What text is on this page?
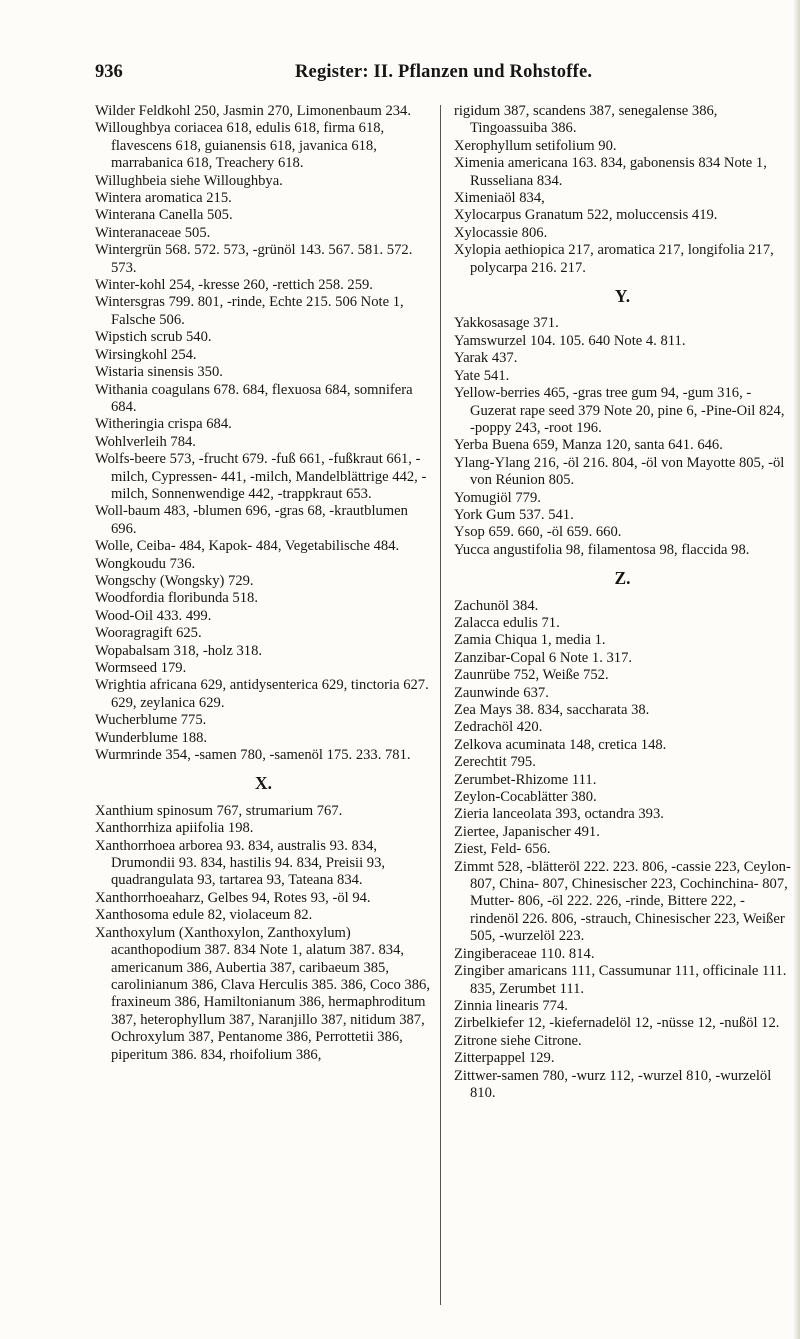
936	Register: II. Pflanzen und Rohstoffe.
Wilder Feldkohl 250, Jasmin 270, Limonenbaum 234.
Willoughbya coriacea 618, edulis 618, firma 618, flavescens 618, guianensis 618, javanica 618, marrabanica 618, Treachery 618.
Willughbeia siehe Willoughbya.
Wintera aromatica 215.
Winterana Canella 505.
Winteranaceae 505.
Wintergrün 568. 572. 573, -grünöl 143. 567. 581. 572. 573.
Winter-kohl 254, -kresse 260, -rettich 258. 259.
Wintersgras 799. 801, -rinde, Echte 215. 506 Note 1, Falsche 506.
Wipstich scrub 540.
Wirsingkohl 254.
Wistaria sinensis 350.
Withania coagulans 678. 684, flexuosa 684, somnifera 684.
Witheringia crispa 684.
Wohlverleih 784.
Wolfs-beere 573, -frucht 679. -fuß 661, -fußkraut 661, -milch, Cypressen- 441, -milch, Mandelblättrige 442, -milch, Sonnenwendige 442, -trappkraut 653.
Woll-baum 483, -blumen 696, -gras 68, -krautblumen 696.
Wolle, Ceiba- 484, Kapok- 484, Vegetabilische 484.
Wongkoudu 736.
Wongschy (Wongsky) 729.
Woodfordia floribunda 518.
Wood-Oil 433. 499.
Wooragragift 625.
Wopabalsam 318, -holz 318.
Wormseed 179.
Wrightia africana 629, antidysenterica 629, tinctoria 627. 629, zeylanica 629.
Wucherblume 775.
Wunderblume 188.
Wurmrinde 354, -samen 780, -samenöl 175. 233. 781.
X.
Xanthium spinosum 767, strumarium 767.
Xanthorrhiza apiifolia 198.
Xanthorrhoea arborea 93. 834, australis 93. 834, Drumondii 93. 834, hastilis 94. 834, Preisii 93, quadrangulata 93, tartarea 93, Tateana 834.
Xanthorrhoeaharz, Gelbes 94, Rotes 93, -öl 94.
Xanthosoma edule 82, violaceum 82.
Xanthoxylum (Xanthoxylon, Zanthoxylum) acanthopodium 387. 834 Note 1, alatum 387. 834, americanum 386, Aubertia 387, caribaeum 385, carolinianum 386, Clava Herculis 385. 386, Coco 386, fraxineum 386, Hamiltonianum 386, hermaphroditum 387, heterophyllum 387, Naranjillo 387, nitidum 387, Ochroxylum 387, Pentanome 386, Perrottetii 386, piperitum 386. 834, rhoifolium 386,
rigidum 387, scandens 387, senegalense 386, Tingoassuiba 386.
Xerophyllum setifolium 90.
Ximenia americana 163. 834, gabonensis 834 Note 1, Russeliana 834.
Ximeniaöl 834,
Xylocarpus Granatum 522, moluccensis 419.
Xylocassie 806.
Xylopia aethiopica 217, aromatica 217, longifolia 217, polycarpa 216. 217.
Y.
Yakkosasage 371.
Yamswurzel 104. 105. 640 Note 4. 811.
Yarak 437.
Yate 541.
Yellow-berries 465, -gras tree gum 94, -gum 316, -Guzerat rape seed 379 Note 20, pine 6, -Pine-Oil 824, -poppy 243, -root 196.
Yerba Buena 659, Manza 120, santa 641. 646.
Ylang-Ylang 216, -öl 216. 804, -öl von Mayotte 805, -öl von Réunion 805.
Yomugiöl 779.
York Gum 537. 541.
Ysop 659. 660, -öl 659. 660.
Yucca angustifolia 98, filamentosa 98, flaccida 98.
Z.
Zachunöl 384.
Zalacca edulis 71.
Zamia Chiqua 1, media 1.
Zanzibar-Copal 6 Note 1. 317.
Zaunrübe 752, Weiße 752.
Zaunwinde 637.
Zea Mays 38. 834, saccharata 38.
Zedrachöl 420.
Zelkova acuminata 148, cretica 148.
Zerechtit 795.
Zerumbet-Rhizome 111.
Zeylon-Cocablätter 380.
Zieria lanceolata 393, octandra 393.
Ziertee, Japanischer 491.
Ziest, Feld- 656.
Zimmt 528, -blätteröl 222. 223. 806, -cassie 223, Ceylon- 807, China- 807, Chinesischer 223, Cochinchina- 807, Mutter- 806, -öl 222. 226, -rinde, Bittere 222, -rindenöl 226. 806, -strauch, Chinesischer 223, Weißer 505, -wurzelöl 223.
Zingiberaceae 110. 814.
Zingiber amaricans 111, Cassumunar 111, officinale 111. 835, Zerumbet 111.
Zinnia linearis 774.
Zirbelkiefer 12, -kiefernadelöl 12, -nüsse 12, -nußöl 12.
Zitrone siehe Citrone.
Zitterpappel 129.
Zittwer-samen 780, -wurz 112, -wurzel 810, -wurzelöl 810.
